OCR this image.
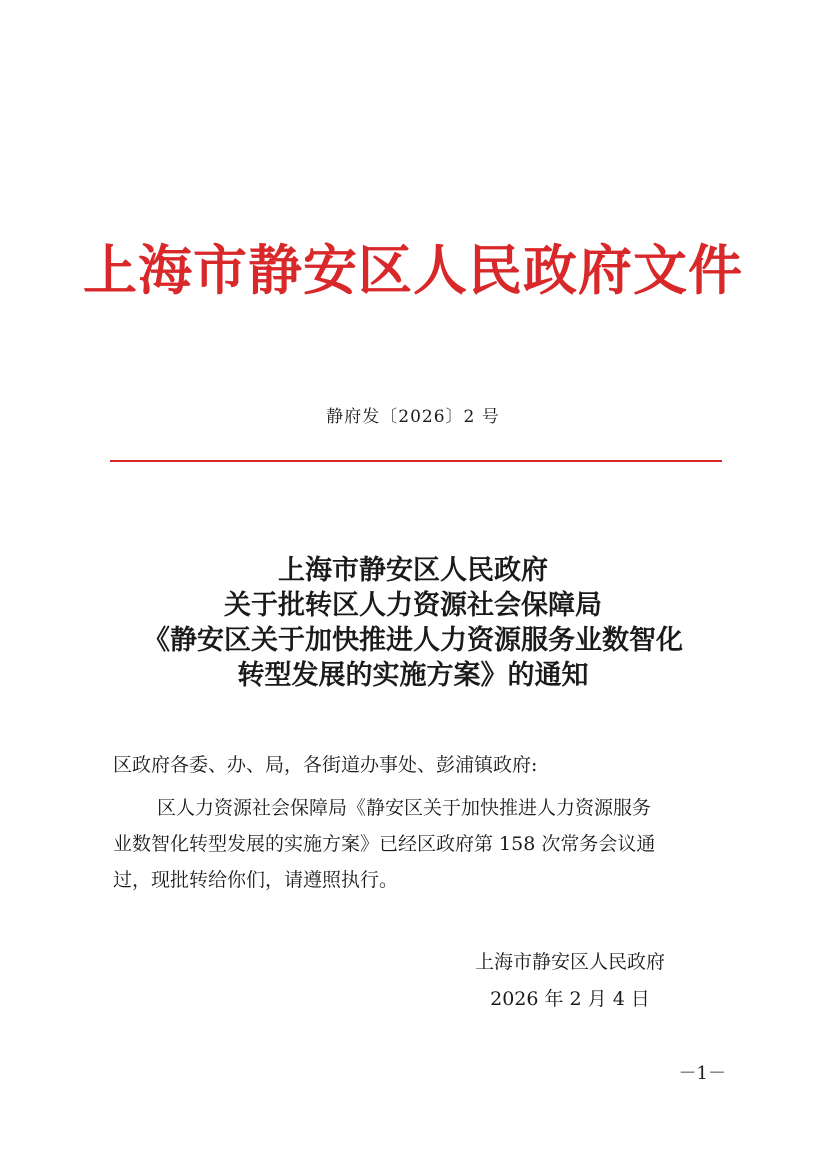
上海市静安区人民政府文件
静府发〔2026〕2 号
上海市静安区人民政府
关于批转区人力资源社会保障局
《静安区关于加快推进人力资源服务业数智化
转型发展的实施方案》的通知
区政府各委、办、局，各街道办事处、彭浦镇政府:
区人力资源社会保障局《静安区关于加快推进人力资源服务
业数智化转型发展的实施方案》已经区政府第 158 次常务会议通
过，现批转给你们，请遵照执行。
上海市静安区人民政府
2026 年 2 月 4 日
－1－
